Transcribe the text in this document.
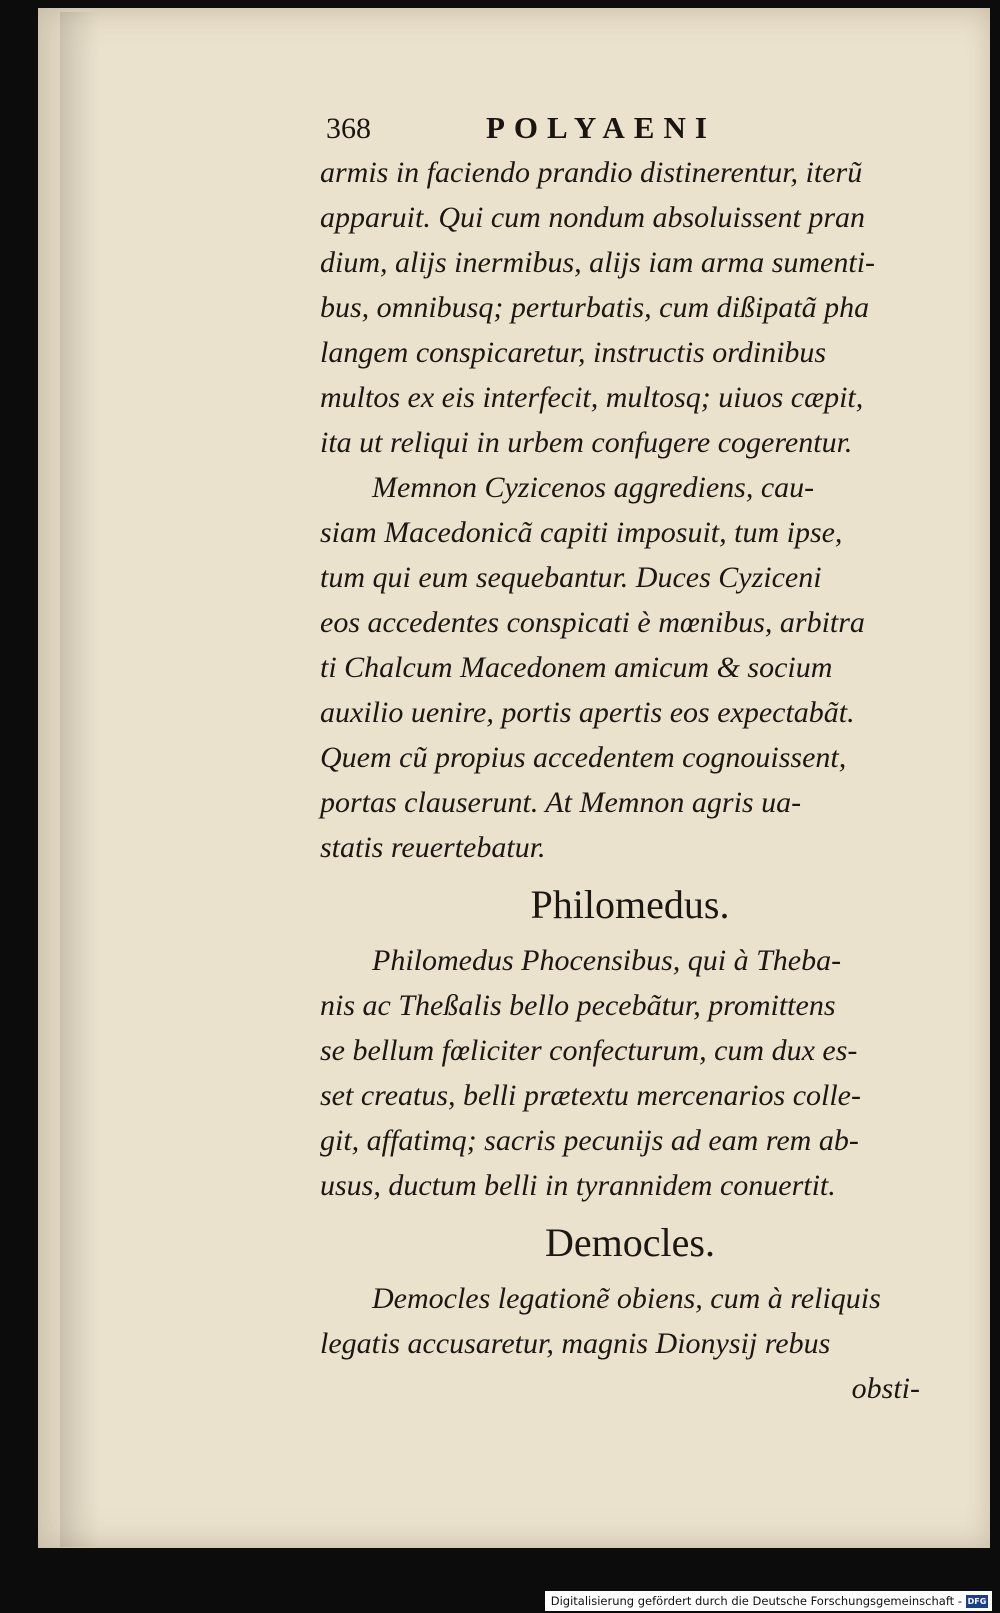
368	POLYAENI
armis in faciendo prandio distinerentur, iterũ
apparuit. Qui cum nondum absoluissent pran
dium, alijs inermibus, alijs iam arma sumenti-
bus, omnibusq; perturbatis, cum dißipatã pha
langem conspicaretur, instructis ordinibus
multos ex eis interfecit, multosq; uiuos cæpit,
ita ut reliqui in urbem confugere cogerentur.
Memnon Cyzicenos aggrediens, cau-
siam Macedonicã capiti imposuit, tum ipse,
tum qui eum sequebantur. Duces Cyziceni
eos accedentes conspicati è mœnibus, arbitra
ti Chalcum Macedonem amicum & socium
auxilio uenire, portis apertis eos expectabãt.
Quem cũ propius accedentem cognouissent,
portas clauserunt. At Memnon agris ua-
statis reuertebatur.
Philomedus.
Philomedus Phocensibus, qui à Theba-
nis ac Theßalis bello pecebãtur, promittens
se bellum fœliciter confecturum, cum dux es-
set creatus, belli prætextu mercenarios colle-
git, affatimq; sacris pecunijs ad eam rem ab-
usus, ductum belli in tyrannidem conuertit.
Democles.
Democles legationẽ obiens, cum à reliquis
legatis accusaretur, magnis Dionysij rebus
obsti-
Digitalisierung gefördert durch die Deutsche Forschungsgemeinschaft - DFG
